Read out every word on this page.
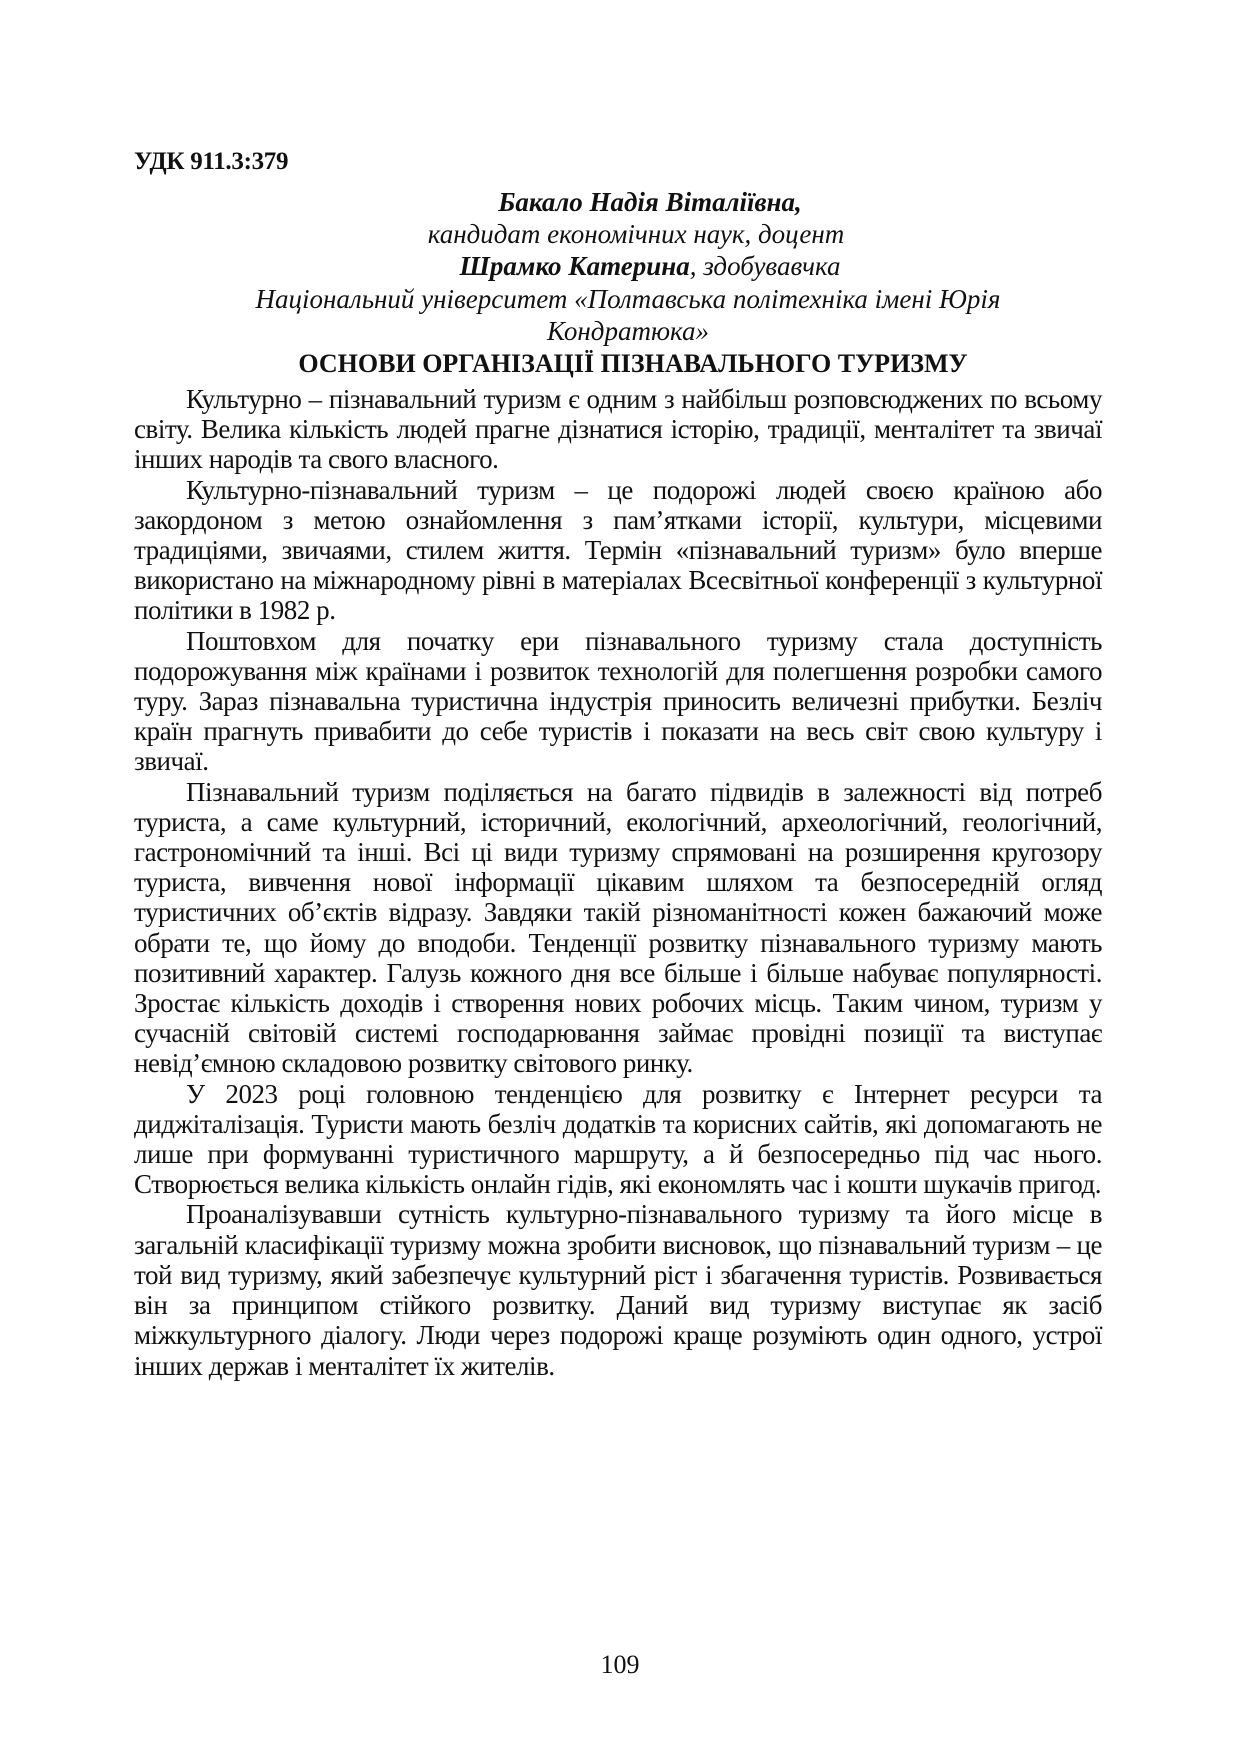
УДК 911.3:379
Бакало Надія Віталіївна,
кандидат економічних наук, доцент
Шрамко Катерина, здобувавчка
Національний університет «Полтавська політехніка імені Юрія
Кондратюка»
ОСНОВИ ОРГАНІЗАЦІЇ ПІЗНАВАЛЬНОГО ТУРИЗМУ

Культурно – пізнавальний туризм є одним з найбільш розповсюджених по всьому світу. Велика кількість людей прагне дізнатися історію, традиції, менталітет та звичаї інших народів та свого власного.

Культурно-пізнавальний туризм – це подорожі людей своєю країною або закордоном з метою ознайомлення з пам’ятками історії, культури, місцевими традиціями, звичаями, стилем життя. Термін «пізнавальний туризм» було вперше використано на міжнародному рівні в матеріалах Всесвітньої конференції з культурної політики в 1982 р.

Поштовхом для початку ери пізнавального туризму стала доступність подорожування між країнами і розвиток технологій для полегшення розробки самого туру. Зараз пізнавальна туристична індустрія приносить величезні прибутки. Безліч країн прагнуть привабити до себе туристів і показати на весь світ свою культуру і звичаї.

Пізнавальний туризм поділяється на багато підвидів в залежності від потреб туриста, а саме культурний, історичний, екологічний, археологічний, геологічний, гастрономічний та інші. Всі ці види туризму спрямовані на розширення кругозору туриста, вивчення нової інформації цікавим шляхом та безпосередній огляд туристичних об’єктів відразу. Завдяки такій різноманітності кожен бажаючий може обрати те, що йому до вподоби. Тенденції розвитку пізнавального туризму мають позитивний характер. Галузь кожного дня все більше і більше набуває популярності. Зростає кількість доходів і створення нових робочих місць. Таким чином, туризм у сучасній світовій системі господарювання займає провідні позиції та виступає невід’ємною складовою розвитку світового ринку.

У 2023 році головною тенденцією для розвитку є Інтернет ресурси та диджіталізація. Туристи мають безліч додатків та корисних сайтів, які допомагають не лише при формуванні туристичного маршруту, а й безпосередньо під час нього. Створюється велика кількість онлайн гідів, які економлять час і кошти шукачів пригод.

Проаналізувавши сутність культурно-пізнавального туризму та його місце в загальній класифікації туризму можна зробити висновок, що пізнавальний туризм – це той вид туризму, який забезпечує культурний ріст і збагачення туристів. Розвивається він за принципом стійкого розвитку. Даний вид туризму виступає як засіб міжкультурного діалогу. Люди через подорожі краще розуміють один одного, устрої інших держав і менталітет їх жителів.

109
